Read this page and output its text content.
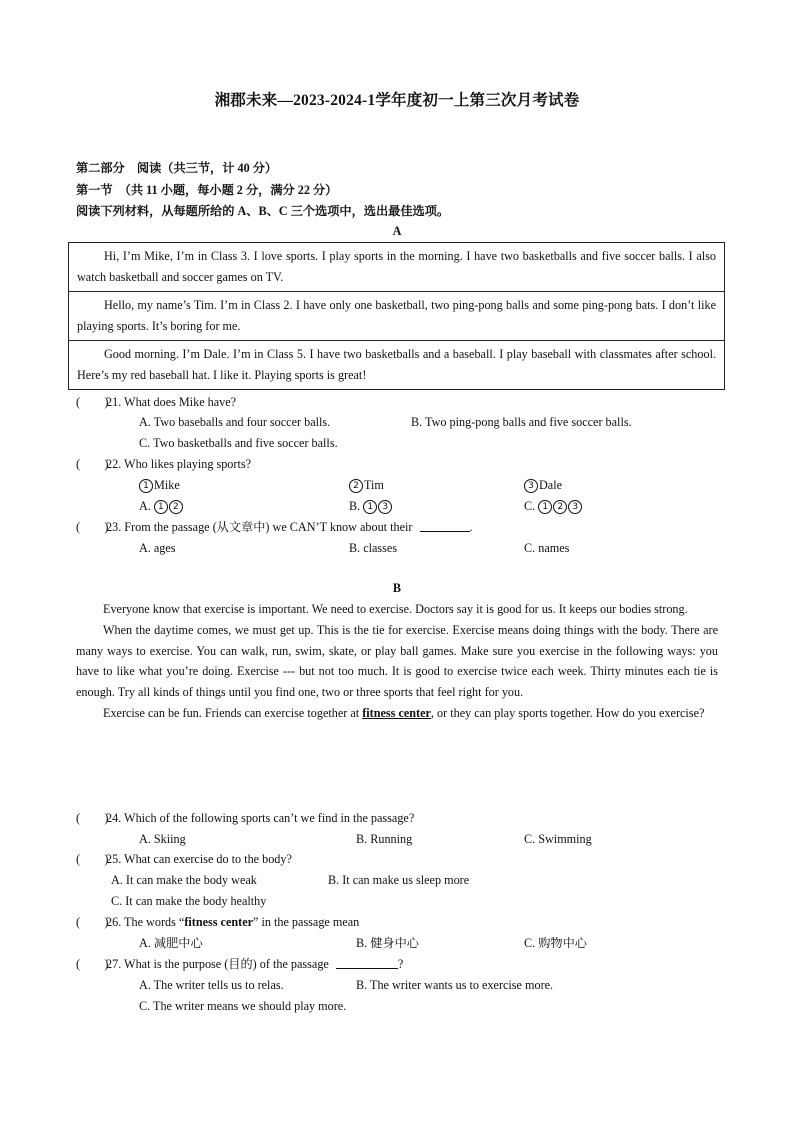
湘郡未来—2023-2024-1学年度初一上第三次月考试卷
第二部分　阅读（共三节，计 40 分）
第一节　（共 11 小题，每小题 2 分，满分 22 分）
阅读下列材料，从每题所给的 A、B、C 三个选项中，选出最佳选项。
A
Hi, I’m Mike, I’m in Class 3. I love sports. I play sports in the morning. I have two basketballs and five soccer balls. I also watch basketball and soccer games on TV.
Hello, my name’s Tim. I’m in Class 2. I have only one basketball, two ping-pong balls and some ping-pong bats. I don’t like playing sports. It’s boring for me.
Good morning. I’m Dale. I’m in Class 5. I have two basketballs and a baseball. I play baseball with classmates after school. Here’s my red baseball hat. I like it. Playing sports is great!
(　　)21. What does Mike have?
A. Two baseballs and four soccer balls.	B. Two ping-pong balls and five soccer balls.
C. Two basketballs and five soccer balls.
(　　)22. Who likes playing sports?
1 Mike	2 Tim	3 Dale
A. 1 2	B. 1 3	C. 1 2 3
(　　)23. From the passage (从文章中) we CAN’T know about their	.
A. ages	B. classes	C. names
B
Everyone know that exercise is important. We need to exercise. Doctors say it is good for us. It keeps our bodies strong.
When the daytime comes, we must get up. This is the tie for exercise. Exercise means doing things with the body. There are many ways to exercise. You can walk, run, swim, skate, or play ball games. Make sure you exercise in the following ways: you have to like what you’re doing. Exercise --- but not too much. It is good to exercise twice each week. Thirty minutes each tie is enough. Try all kinds of things until you find one, two or three sports that feel right for you.
Exercise can be fun. Friends can exercise together at fitness center, or they can play sports together. How do you exercise?
(　　)24. Which of the following sports can’t we find in the passage?
A. Skiing	B. Running	C. Swimming
(　　)25. What can exercise do to the body?
A. It can make the body weak	B. It can make us sleep more
C. It can make the body healthy
(　　)26. The words “fitness center” in the passage mean
A. 减肥中心	B. 健身中心	C. 购物中心
(　　)27. What is the purpose (目的) of the passage	?
A. The writer tells us to relas.	B. The writer wants us to exercise more.
C. The writer means we should play more.
